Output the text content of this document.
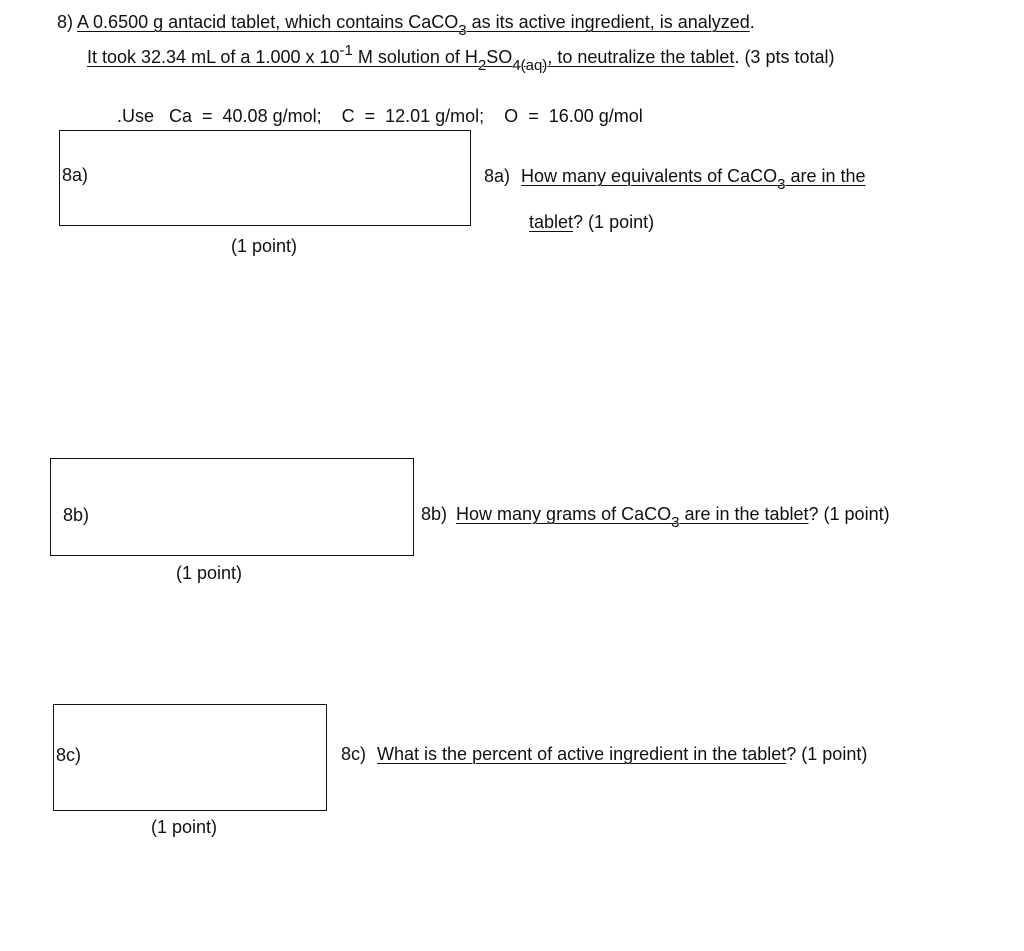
8) A 0.6500 g antacid tablet, which contains CaCO$_3$ as its active ingredient, is analyzed.
It took 32.34 mL of a 1.000 x $10^{-1}$ M solution of $H_2SO_{4(aq)}$, to neutralize the tablet. (3 pts total)
.Use   Ca  =  40.08 g/mol;    C  =  12.01 g/mol;    O  =  16.00 g/mol
8a)
(1 point)
8a) How many equivalents of CaCO$_3$ are in the
tablet? (1 point)
8b)
(1 point)
8b) How many grams of CaCO$_3$ are in the tablet? (1 point)
8c)
(1 point)
8c) What is the percent of active ingredient in the tablet? (1 point)
